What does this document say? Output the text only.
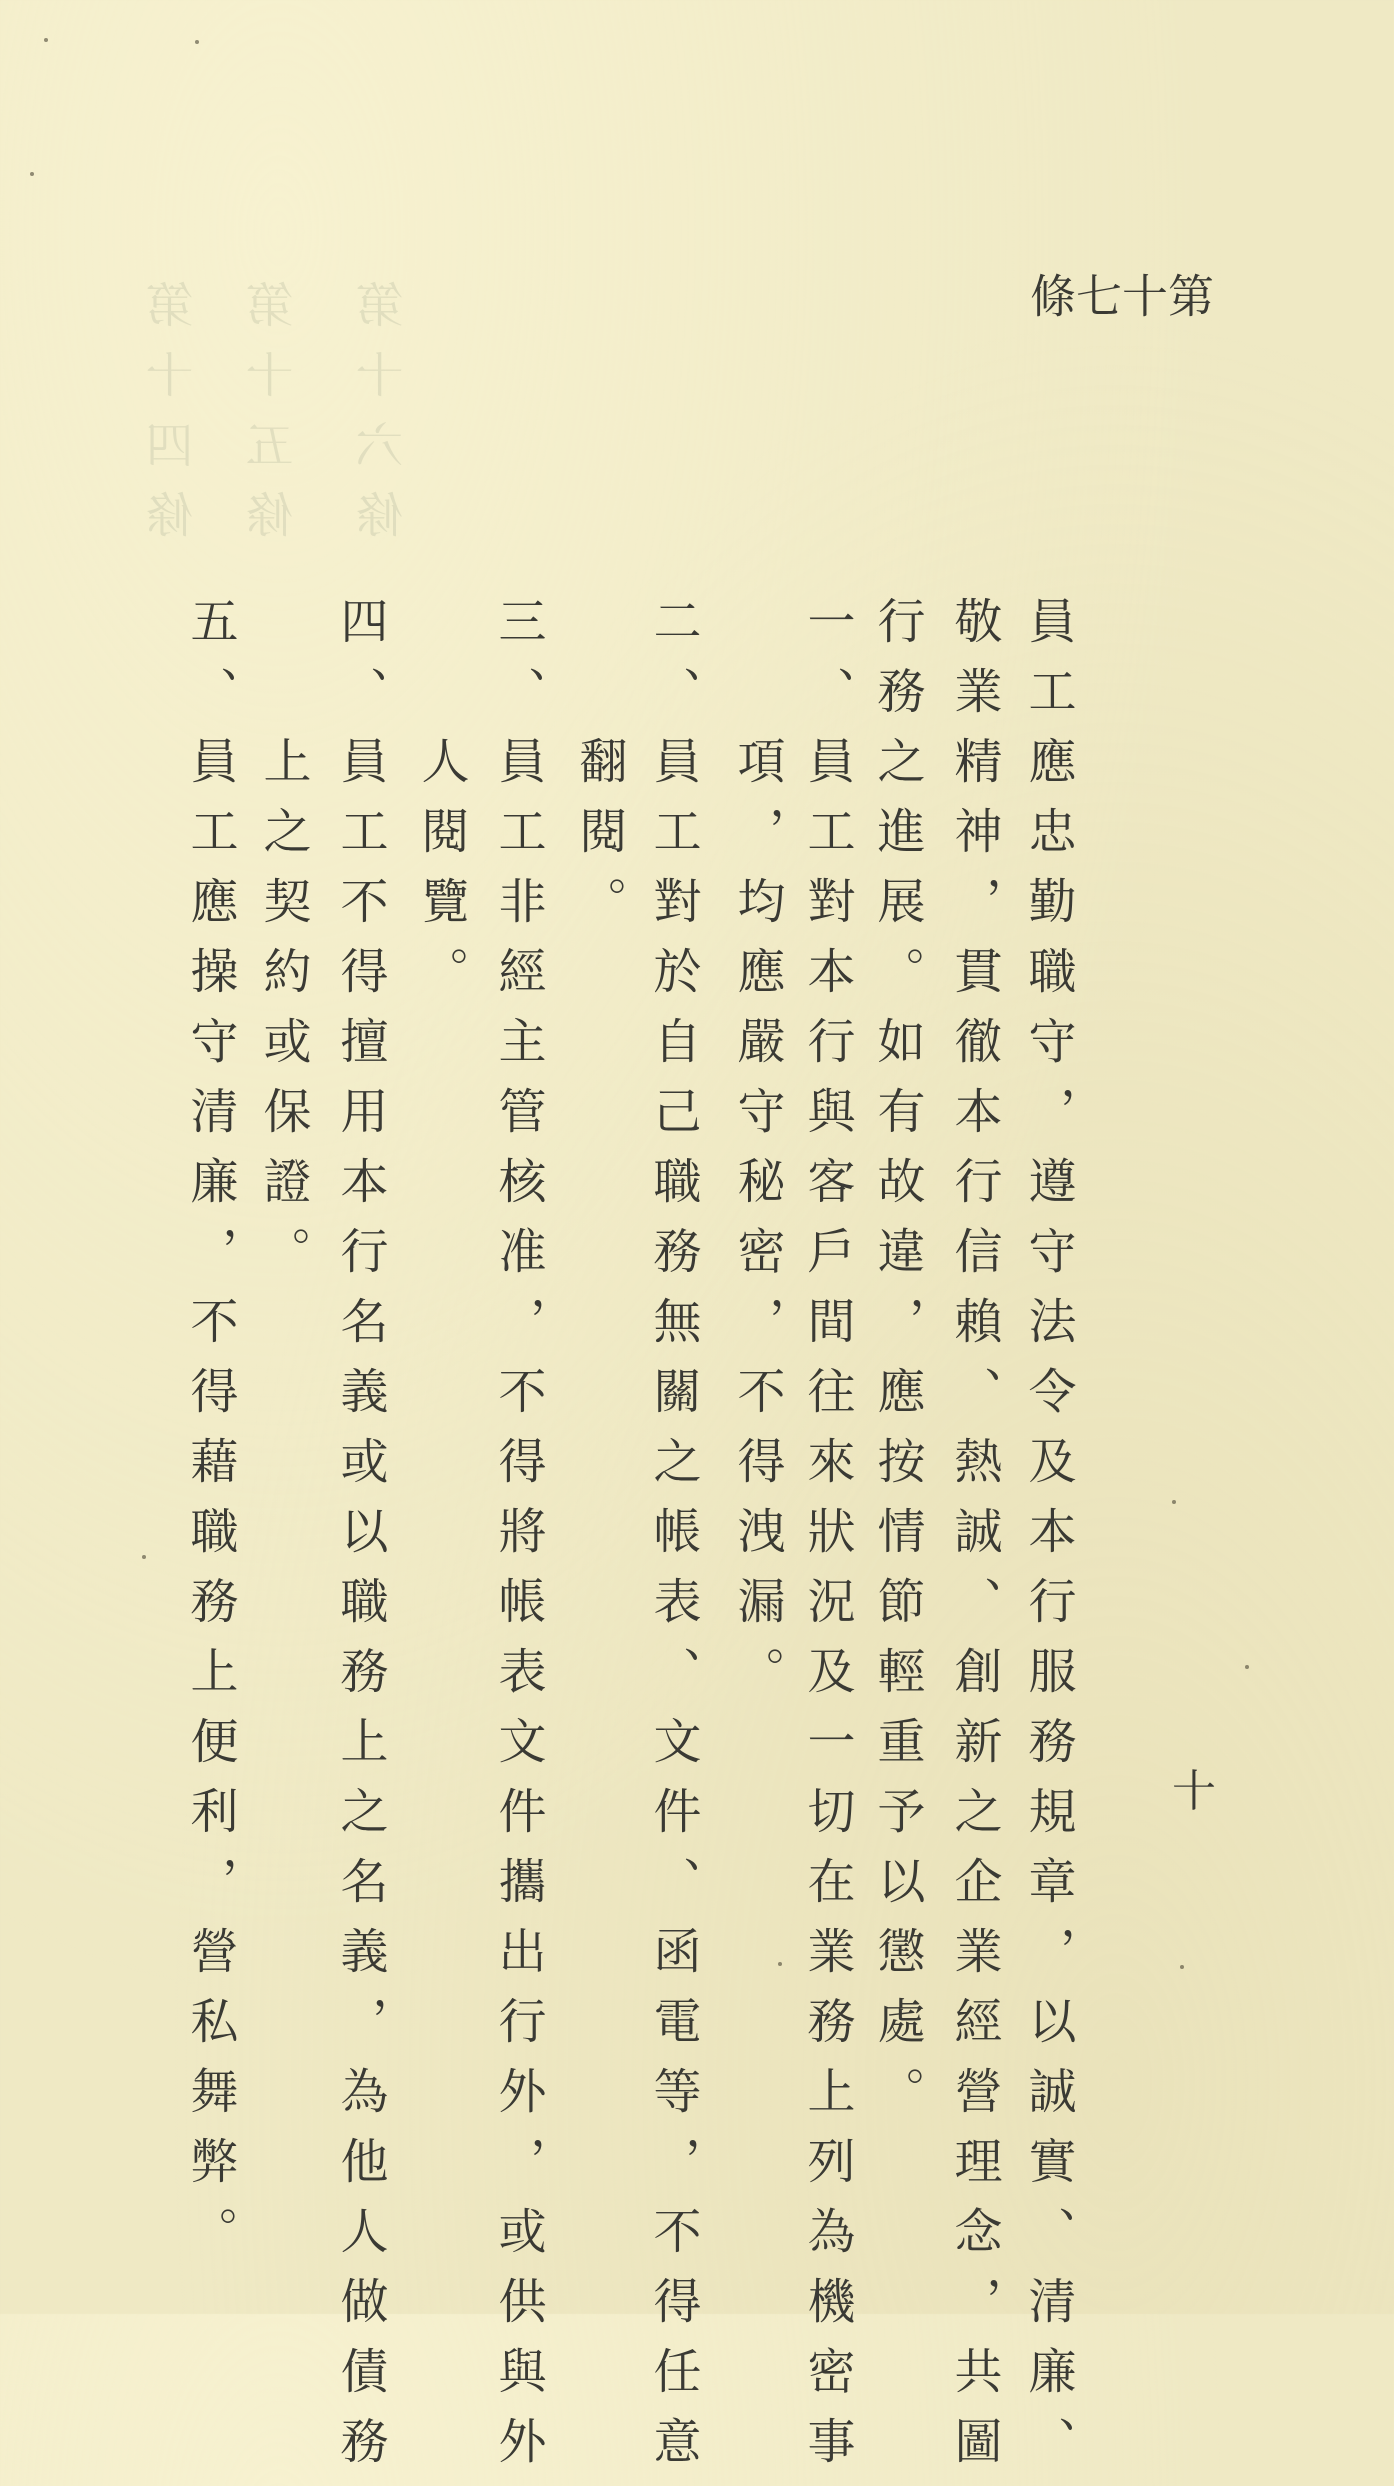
第十四條 第十五條 第十六條	第
十
七
條
員工應忠勤職守，遵守法令及本行服務規章，以誠實、清廉、
敬業精神，貫徹本行信賴、熱誠、創新之企業經營理念，共圖
行務之進展。如有故違，應按情節輕重予以懲處。
一、員工對本行與客戶間往來狀況及一切在業務上列為機密事
項，均應嚴守秘密，不得洩漏。
二、員工對於自己職務無關之帳表、文件、函電等，不得任意
翻閱。
三、員工非經主管核准，不得將帳表文件攜出行外，或供與外
人閱覽。
四、員工不得擅用本行名義或以職務上之名義，為他人做債務
上之契約或保證。
五、員工應操守清廉，不得藉職務上便利，營私舞弊。	十
